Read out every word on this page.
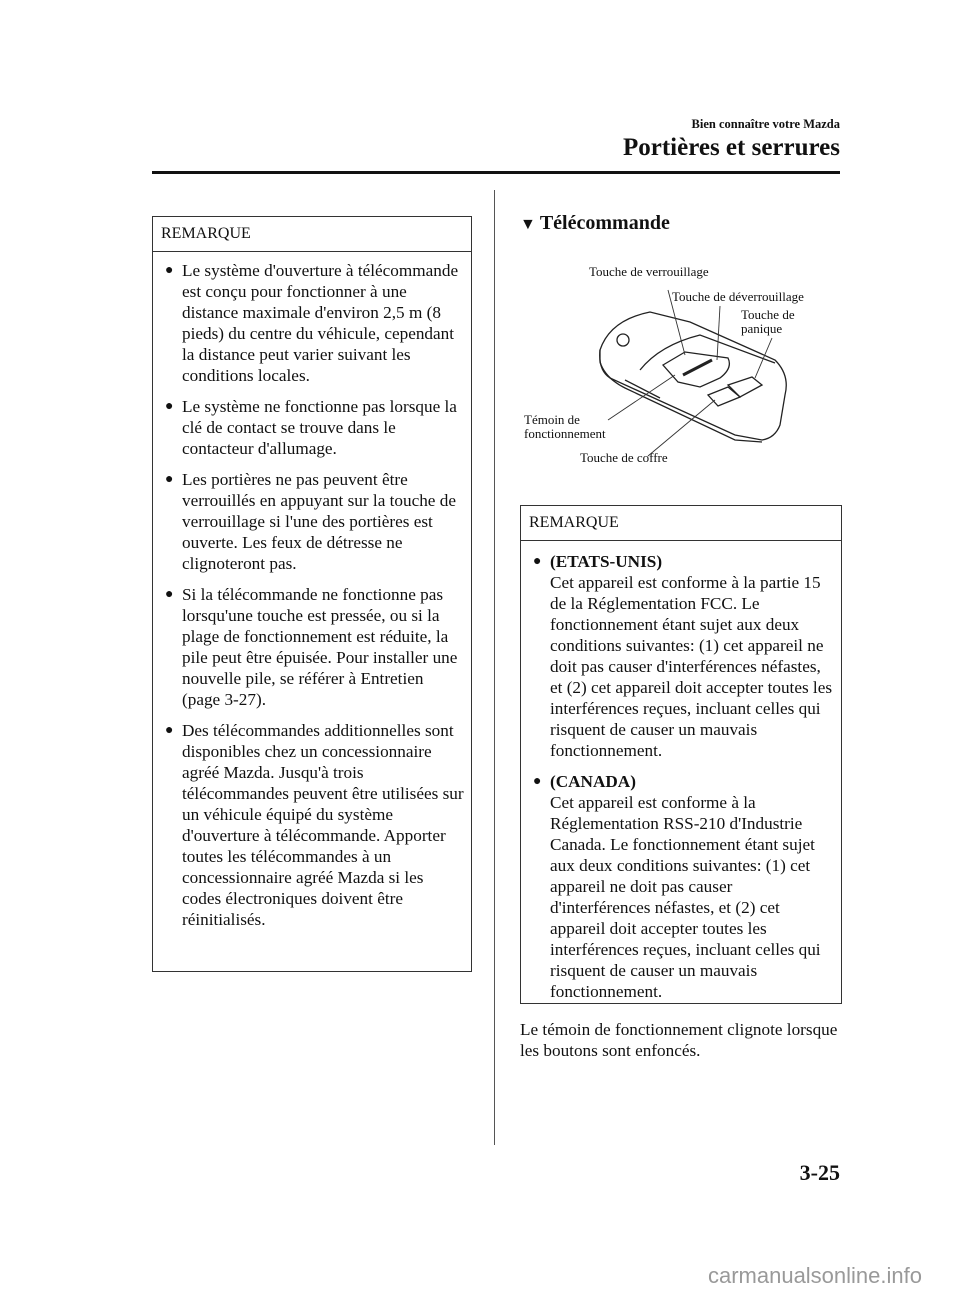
Bien connaître votre Mazda
Portières et serrures
REMARQUE
● Le système d'ouverture à télécommande est conçu pour fonctionner à une distance maximale d'environ 2,5 m (8 pieds) du centre du véhicule, cependant la distance peut varier suivant les conditions locales.
● Le système ne fonctionne pas lorsque la clé de contact se trouve dans le contacteur d'allumage.
● Les portières ne pas peuvent être verrouillés en appuyant sur la touche de verrouillage si l'une des portières est ouverte. Les feux de détresse ne clignoteront pas.
● Si la télécommande ne fonctionne pas lorsqu'une touche est pressée, ou si la plage de fonctionnement est réduite, la pile peut être épuisée. Pour installer une nouvelle pile, se référer à Entretien (page 3-27).
● Des télécommandes additionnelles sont disponibles chez un concessionnaire agréé Mazda. Jusqu'à trois télécommandes peuvent être utilisées sur un véhicule équipé du système d'ouverture à télécommande. Apporter toutes les télécommandes à un concessionnaire agréé Mazda si les codes électroniques doivent être réinitialisés.
▼ Télécommande
Touche de verrouillage
Touche de déverrouillage
Touche de panique
Témoin de fonctionnement
Touche de coffre
REMARQUE
● (ETATS-UNIS)
Cet appareil est conforme à la partie 15 de la Réglementation FCC. Le fonctionnement étant sujet aux deux conditions suivantes: (1) cet appareil ne doit pas causer d'interférences néfastes, et (2) cet appareil doit accepter toutes les interférences reçues, incluant celles qui risquent de causer un mauvais fonctionnement.
● (CANADA)
Cet appareil est conforme à la Réglementation RSS-210 d'Industrie Canada. Le fonctionnement étant sujet aux deux conditions suivantes: (1) cet appareil ne doit pas causer d'interférences néfastes, et (2) cet appareil doit accepter toutes les interférences reçues, incluant celles qui risquent de causer un mauvais fonctionnement.
Le témoin de fonctionnement clignote lorsque les boutons sont enfoncés.
3-25
carmanualsonline.info
